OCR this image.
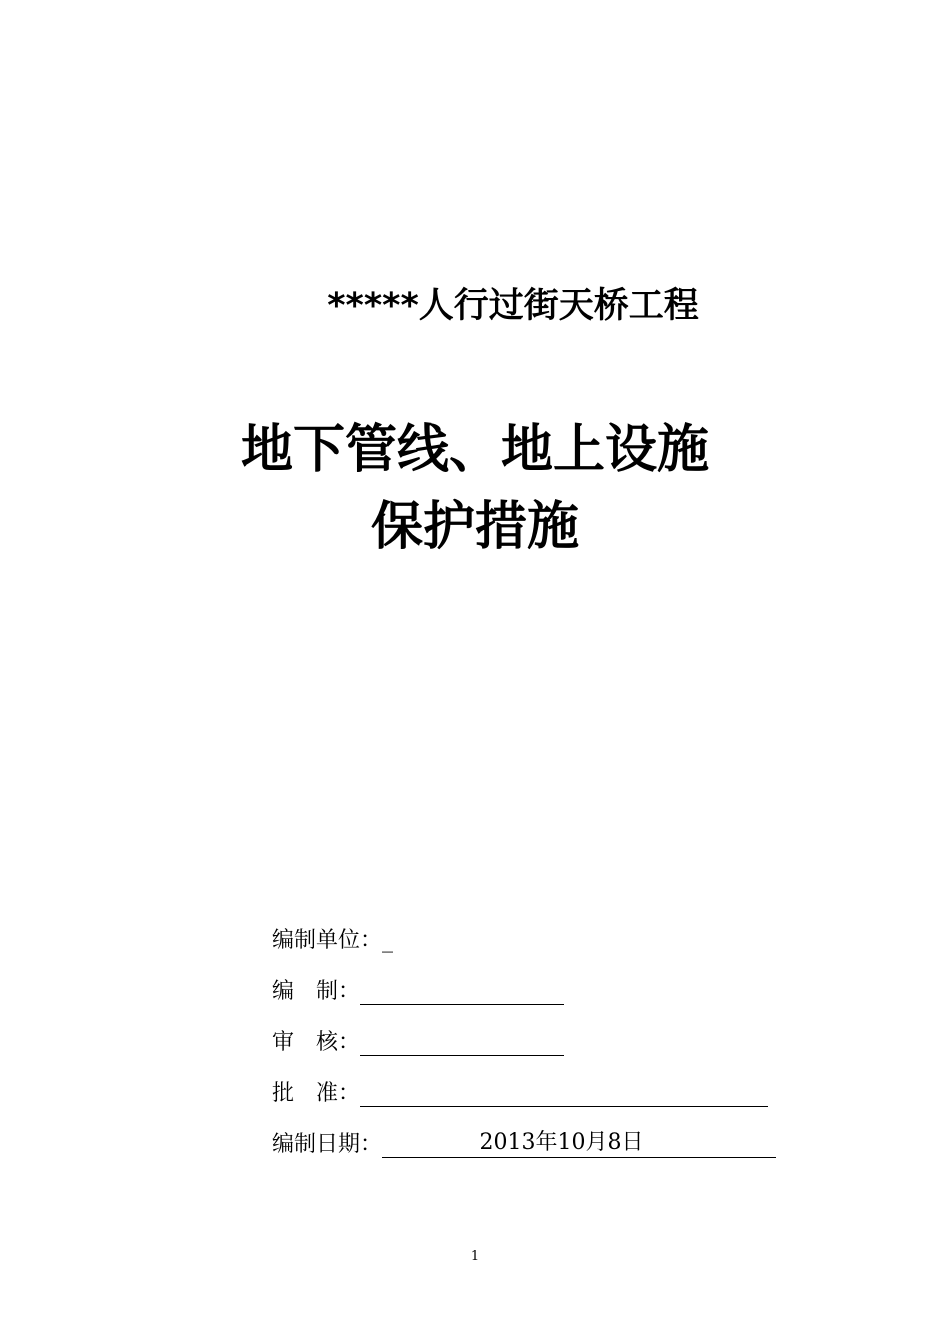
*****人行过街天桥工程
地下管线、地上设施
保护措施
编制单位：_
编　制：
审　核：
批　准：
编制日期：	2013年10月8日
1
